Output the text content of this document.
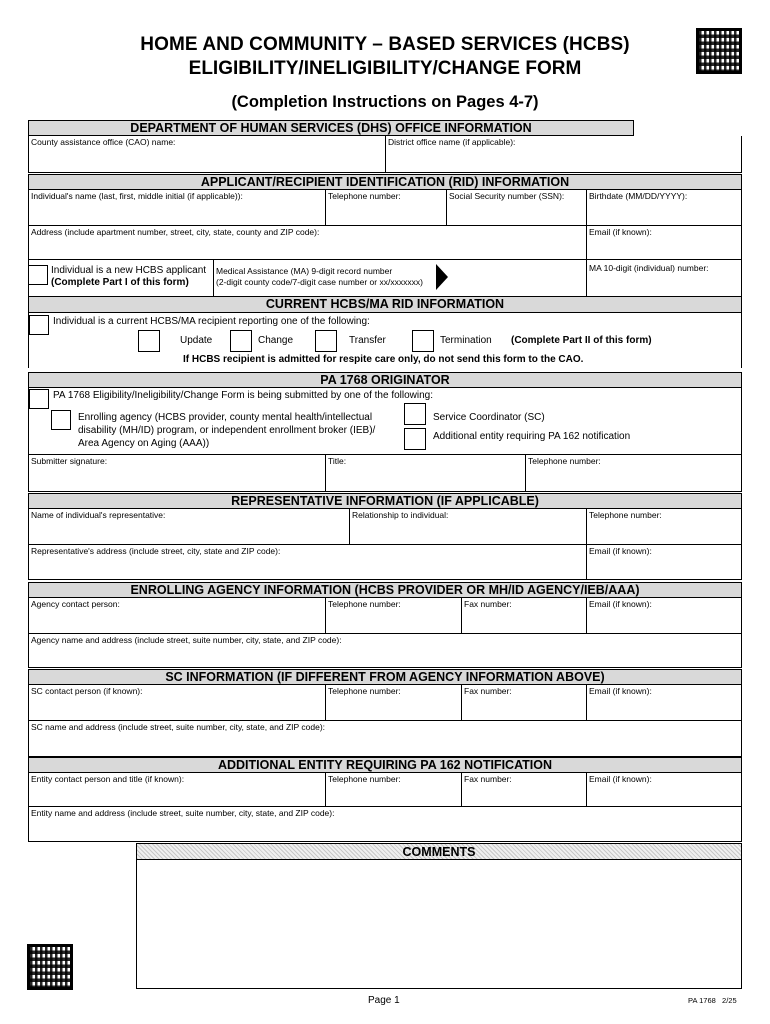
HOME AND COMMUNITY – BASED SERVICES (HCBS)
ELIGIBILITY/INELIGIBILITY/CHANGE FORM
(Completion Instructions on Pages 4-7)
DEPARTMENT OF HUMAN SERVICES (DHS) OFFICE INFORMATION
County assistance office (CAO) name:	District office name (if applicable):
APPLICANT/RECIPIENT IDENTIFICATION (RID) INFORMATION
Individual's name (last, first, middle initial (if applicable)):	Telephone number:	Social Security number (SSN):	Birthdate (MM/DD/YYYY):
Address (include apartment number, street, city, state, county and ZIP code):	Email (if known):
Individual is a new HCBS applicant
(Complete Part I of this form)
Medical Assistance (MA) 9-digit record number
(2-digit county code/7-digit case number or xx/xxxxxxx)
MA 10-digit (individual) number:
CURRENT HCBS/MA RID INFORMATION
Individual is a current HCBS/MA recipient reporting one of the following:
Update	Change	Transfer	Termination (Complete Part II of this form)
If HCBS recipient is admitted for respite care only, do not send this form to the CAO.
PA 1768 ORIGINATOR
PA 1768 Eligibility/Ineligibility/Change Form is being submitted by one of the following:
Enrolling agency (HCBS provider, county mental health/intellectual
disability (MH/ID) program, or independent enrollment broker (IEB)/
Area Agency on Aging (AAA))
Service Coordinator (SC)
Additional entity requiring PA 162 notification
Submitter signature:	Title:	Telephone number:
REPRESENTATIVE INFORMATION (IF APPLICABLE)
Name of individual's representative:	Relationship to individual:	Telephone number:
Representative's address (include street, city, state and ZIP code):	Email (if known):
ENROLLING AGENCY INFORMATION (HCBS PROVIDER OR MH/ID AGENCY/IEB/AAA)
Agency contact person:	Telephone number:	Fax number:	Email (if known):
Agency name and address (include street, suite number, city, state, and ZIP code):
SC INFORMATION (IF DIFFERENT FROM AGENCY INFORMATION ABOVE)
SC contact person (if known):	Telephone number:	Fax number:	Email (if known):
SC name and address (include street, suite number, city, state, and ZIP code):
ADDITIONAL ENTITY REQUIRING PA 162 NOTIFICATION
Entity contact person and title (if known):	Telephone number:	Fax number:	Email (if known):
Entity name and address (include street, suite number, city, state, and ZIP code):
COMMENTS
Page 1	PA 1768   2/25
